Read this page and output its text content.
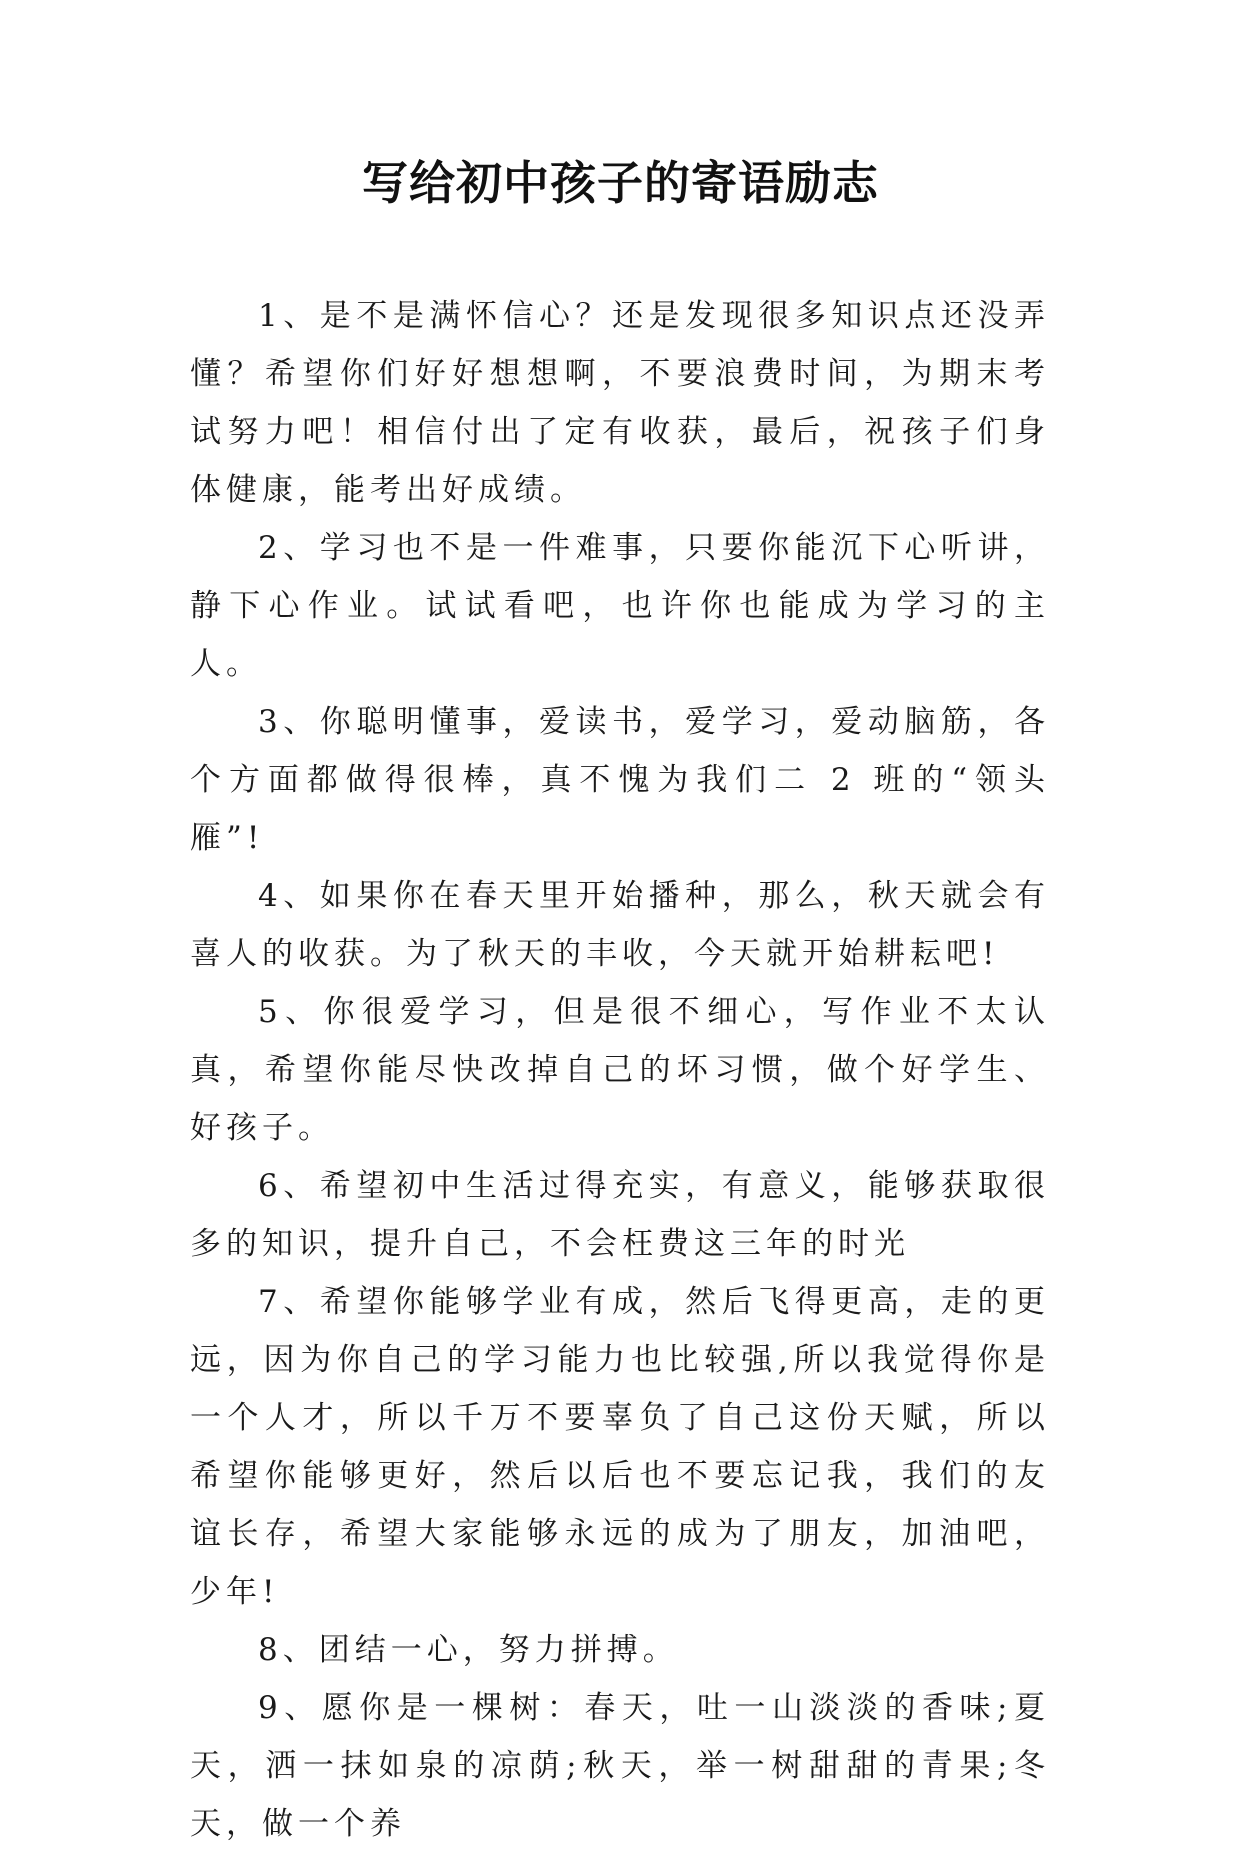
写给初中孩子的寄语励志

1、是不是满怀信心？还是发现很多知识点还没弄懂？希望你们好好想想啊，不要浪费时间，为期末考试努力吧！相信付出了定有收获，最后，祝孩子们身体健康，能考出好成绩。

2、学习也不是一件难事，只要你能沉下心听讲，静下心作业。试试看吧，也许你也能成为学习的主人。

3、你聪明懂事，爱读书，爱学习，爱动脑筋，各个方面都做得很棒，真不愧为我们二 2 班的“领头雁”!

4、如果你在春天里开始播种，那么，秋天就会有喜人的收获。为了秋天的丰收，今天就开始耕耘吧!

5、你很爱学习，但是很不细心，写作业不太认真，希望你能尽快改掉自己的坏习惯，做个好学生、好孩子。

6、希望初中生活过得充实，有意义，能够获取很多的知识，提升自己，不会枉费这三年的时光

7、希望你能够学业有成，然后飞得更高，走的更远，因为你自己的学习能力也比较强,所以我觉得你是一个人才，所以千万不要辜负了自己这份天赋，所以希望你能够更好，然后以后也不要忘记我，我们的友谊长存，希望大家能够永远的成为了朋友，加油吧，少年!

8、团结一心，努力拼搏。

9、愿你是一棵树：春天，吐一山淡淡的香味;夏天，洒一抹如泉的凉荫;秋天，举一树甜甜的青果;冬天，做一个养
